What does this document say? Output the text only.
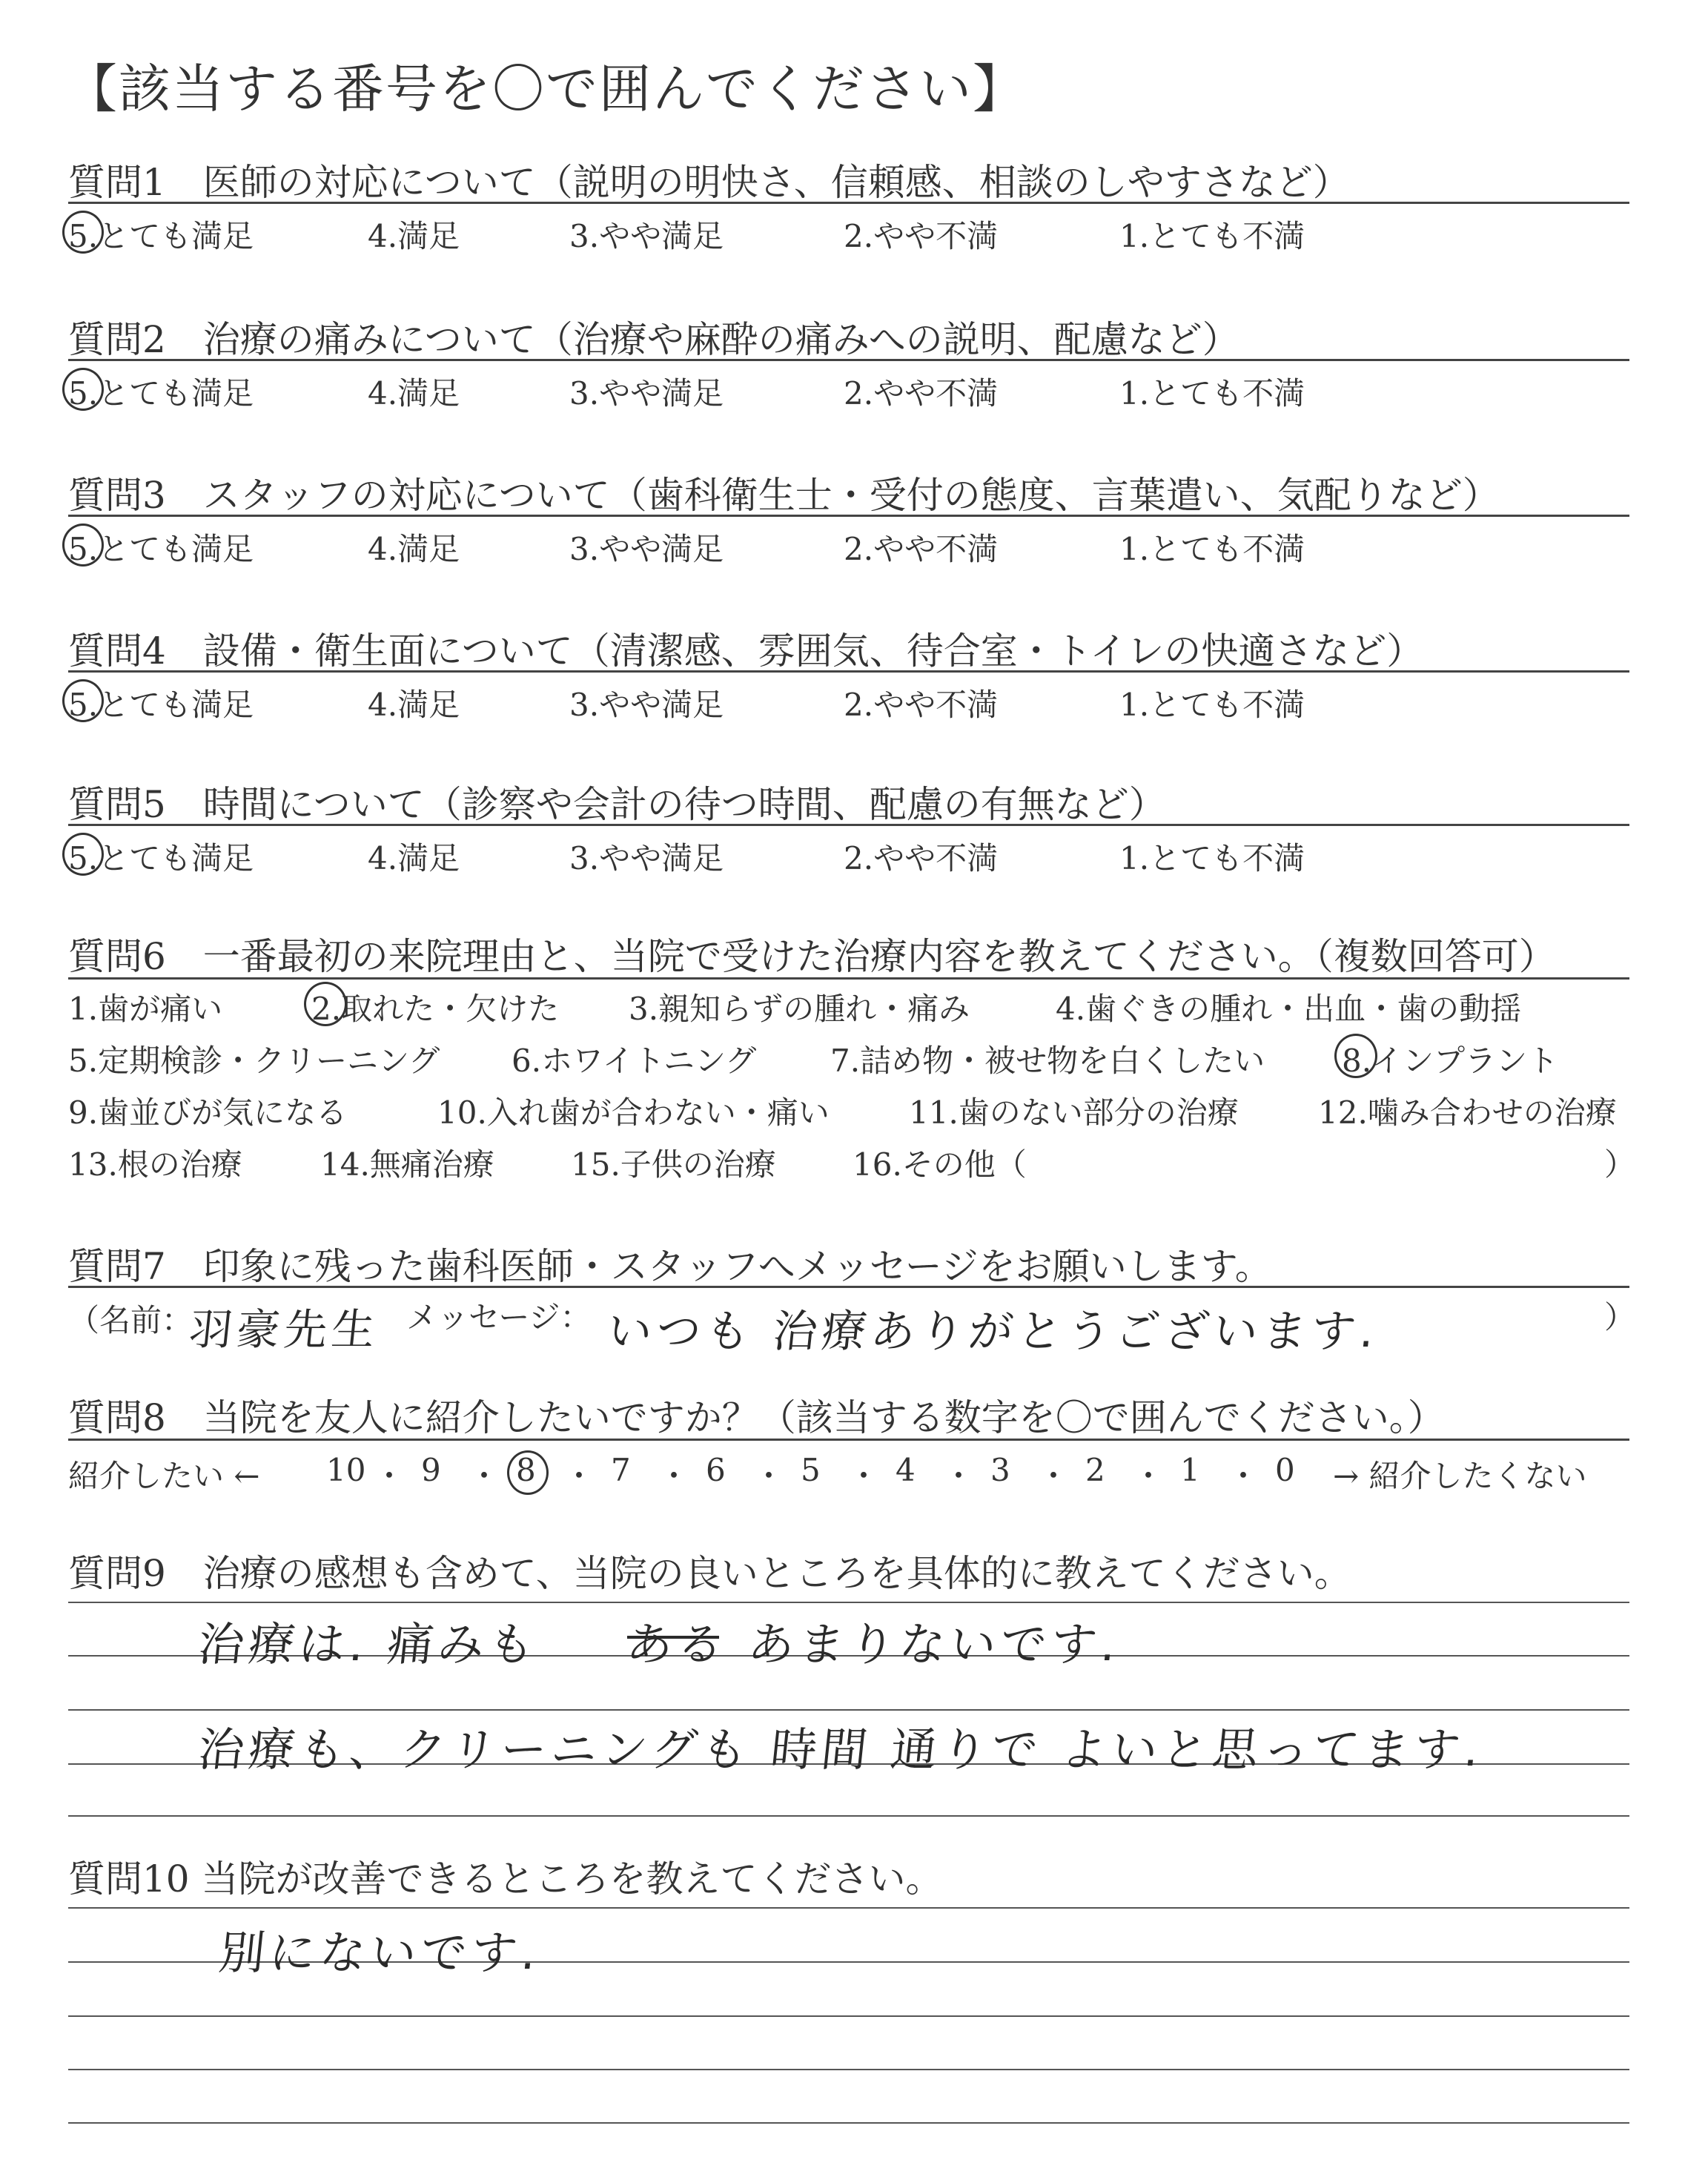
【該当する番号を〇で囲んでください】
質問1　医師の対応について（説明の明快さ、信頼感、相談のしやすさなど）
5.とても満足	4.満足	3.やや満足	2.やや不満	1.とても不満
質問2　治療の痛みについて（治療や麻酔の痛みへの説明、配慮など）
5.とても満足	4.満足	3.やや満足	2.やや不満	1.とても不満
質問3　スタッフの対応について（歯科衛生士・受付の態度、言葉遣い、気配りなど）
5.とても満足	4.満足	3.やや満足	2.やや不満	1.とても不満
質問4　設備・衛生面について（清潔感、雰囲気、待合室・トイレの快適さなど）
5.とても満足	4.満足	3.やや満足	2.やや不満	1.とても不満
質問5　時間について（診察や会計の待つ時間、配慮の有無など）
5.とても満足	4.満足	3.やや満足	2.やや不満	1.とても不満
質問6　一番最初の来院理由と、当院で受けた治療内容を教えてください。（複数回答可）
1.歯が痛い	2.取れた・欠けた 3.親知らずの腫れ・痛み	4.歯ぐきの腫れ・出血・歯の動揺
5.定期検診・クリーニング 6.ホワイトニング 7.詰め物・被せ物を白くしたい 8.インプラント
9.歯並びが気になる	10.入れ歯が合わない・痛い	11.歯のない部分の治療	12.噛み合わせの治療
13.根の治療	14.無痛治療 15.子供の治療 16.その他（	）
質問7　印象に残った歯科医師・スタッフへメッセージをお願いします。
（名前：
羽豪先生 メッセージ： いつも 治療ありがとうございます.	）
質問8　当院を友人に紹介したいですか？（該当する数字を〇で囲んでください。）
紹介したい ←	→ 紹介したくない
10 ・ 9 ・ 8 ・ 7 ・ 6 ・ 5 ・ 4 ・ 3 ・ 2 ・ 1 ・ 0
質問9　治療の感想も含めて、当院の良いところを具体的に教えてください。
治療は. 痛みも ある あまりないです.
治療も、クリーニングも 時間 通りで よいと思ってます.
質問10 当院が改善できるところを教えてください。
別にないです.
